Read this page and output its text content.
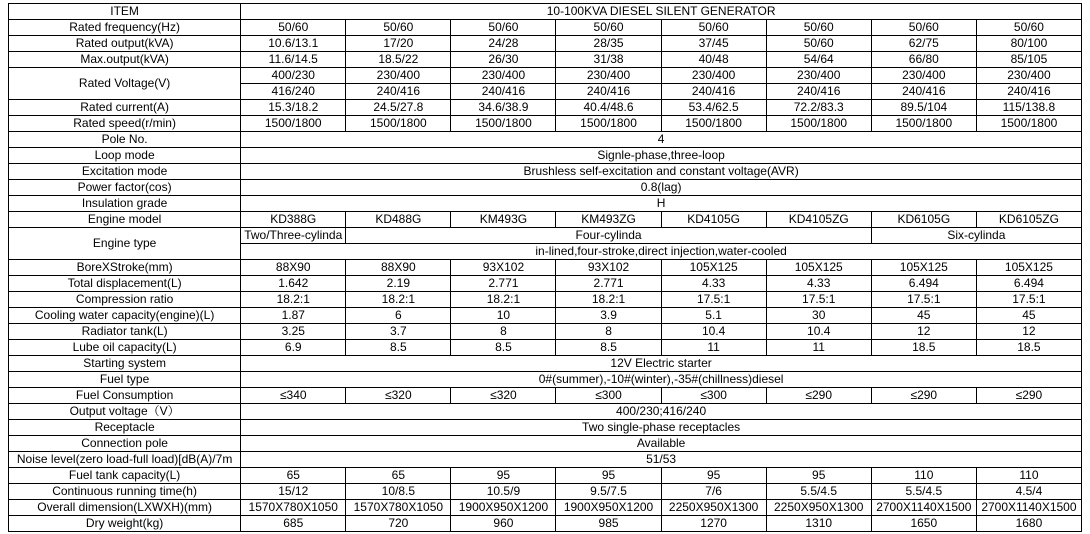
ITEM	10-100KVA DIESEL SILENT GENERATOR							
Rated frequency(Hz)	50/60	50/60	50/60	50/60	50/60	50/60	50/60	50/60
Rated output(kVA)	10.6/13.1	17/20	24/28	28/35	37/45	50/60	62/75	80/100
Max.output(kVA)	11.6/14.5	18.5/22	26/30	31/38	40/48	54/64	66/80	85/105
Rated Voltage(V)	400/230	230/400	230/400	230/400	230/400	230/400	230/400	230/400
	416/240	240/416	240/416	240/416	240/416	240/416	240/416	240/416
Rated current(A)	15.3/18.2	24.5/27.8	34.6/38.9	40.4/48.6	53.4/62.5	72.2/83.3	89.5/104	115/138.8
Rated speed(r/min)	1500/1800	1500/1800	1500/1800	1500/1800	1500/1800	1500/1800	1500/1800	1500/1800
Pole No.	4							
Loop mode	Signle-phase,three-loop							
Excitation mode	Brushless self-excitation and constant voltage(AVR)							
Power factor(cos)	0.8(lag)							
Insulation grade	H							
Engine model	KD388G	KD488G	KM493G	KM493ZG	KD4105G	KD4105ZG	KD6105G	KD6105ZG
Engine type	Two/Three-cylinda	Four-cylinda					Six-cylinda	
	in-lined,four-stroke,direct injection,water-cooled							
BoreXStroke(mm)	88X90	88X90	93X102	93X102	105X125	105X125	105X125	105X125
Total displacement(L)	1.642	2.19	2.771	2.771	4.33	4.33	6.494	6.494
Compression ratio	18.2:1	18.2:1	18.2:1	18.2:1	17.5:1	17.5:1	17.5:1	17.5:1
Cooling water capacity(engine)(L)	1.87	6	10	3.9	5.1	30	45	45
Radiator tank(L)	3.25	3.7	8	8	10.4	10.4	12	12
Lube oil capacity(L)	6.9	8.5	8.5	8.5	11	11	18.5	18.5
Starting system	12V Electric starter							
Fuel type	0#(summer),-10#(winter),-35#(chillness)diesel							
Fuel Consumption	≤340	≤320	≤320	≤300	≤300	≤290	≤290	≤290
Output voltage（V）	400/230;416/240							
Receptacle	Two single-phase receptacles							
Connection pole	Available							
Noise level(zero load-full load)[dB(A)/7m	51/53							
Fuel tank capacity(L)	65	65	95	95	95	95	110	110
Continuous running time(h)	15/12	10/8.5	10.5/9	9.5/7.5	7/6	5.5/4.5	5.5/4.5	4.5/4
Overall dimension(LXWXH)(mm)	1570X780X1050	1570X780X1050	1900X950X1200	1900X950X1200	2250X950X1300	2250X950X1300	2700X1140X1500	2700X1140X1500
Dry weight(kg)	685	720	960	985	1270	1310	1650	1680
